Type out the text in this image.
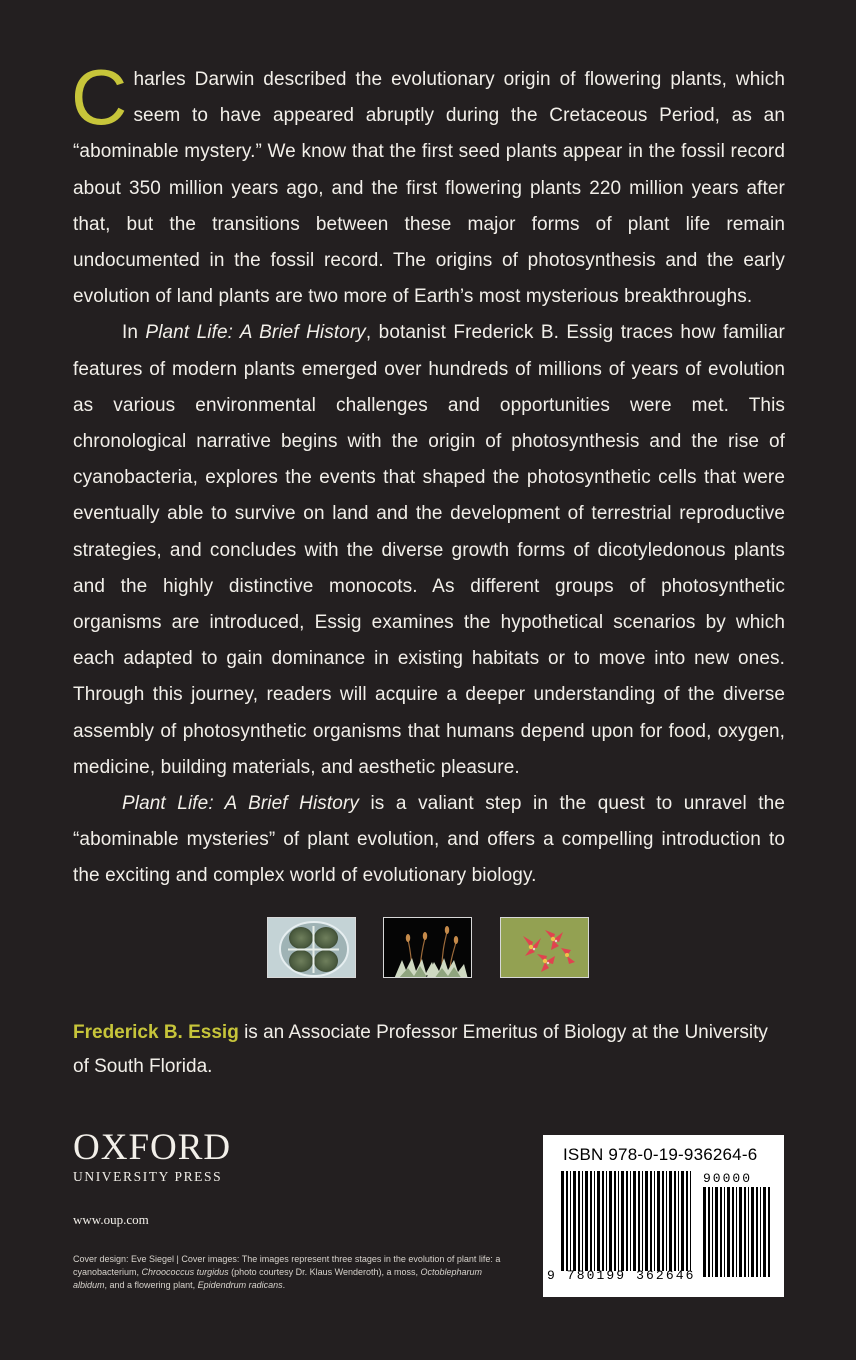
Charles Darwin described the evolutionary origin of flowering plants, which seem to have appeared abruptly during the Cretaceous Period, as an “abominable mystery.” We know that the first seed plants appear in the fossil record about 350 million years ago, and the first flowering plants 220 million years after that, but the transitions between these major forms of plant life remain undocumented in the fossil record. The origins of photosynthesis and the early evolution of land plants are two more of Earth’s most mysterious breakthroughs.

In Plant Life: A Brief History, botanist Frederick B. Essig traces how familiar features of modern plants emerged over hundreds of millions of years of evolution as various environmental challenges and opportunities were met. This chronological narrative begins with the origin of photosynthesis and the rise of cyanobacteria, explores the events that shaped the photosynthetic cells that were eventually able to survive on land and the development of terrestrial reproductive strategies, and concludes with the diverse growth forms of dicotyledonous plants and the highly distinctive monocots. As different groups of photosynthetic organisms are introduced, Essig examines the hypothetical scenarios by which each adapted to gain dominance in existing habitats or to move into new ones. Through this journey, readers will acquire a deeper understanding of the diverse assembly of photosynthetic organisms that humans depend upon for food, oxygen, medicine, building materials, and aesthetic pleasure.

Plant Life: A Brief History is a valiant step in the quest to unravel the “abominable mysteries” of plant evolution, and offers a compelling introduction to the exciting and complex world of evolutionary biology.

Frederick B. Essig is an Associate Professor Emeritus of Biology at the University of South Florida.
OXFORD
UNIVERSITY PRESS
www.oup.com
Cover design: Eve Siegel | Cover images: The images represent three stages in the evolution of plant life: a cyanobacterium, Chroococcus turgidus (photo courtesy Dr. Klaus Wenderoth), a moss, Octoblepharum albidum, and a flowering plant, Epidendrum radicans.
ISBN 978-0-19-936264-6
90000
9 780199 362646
